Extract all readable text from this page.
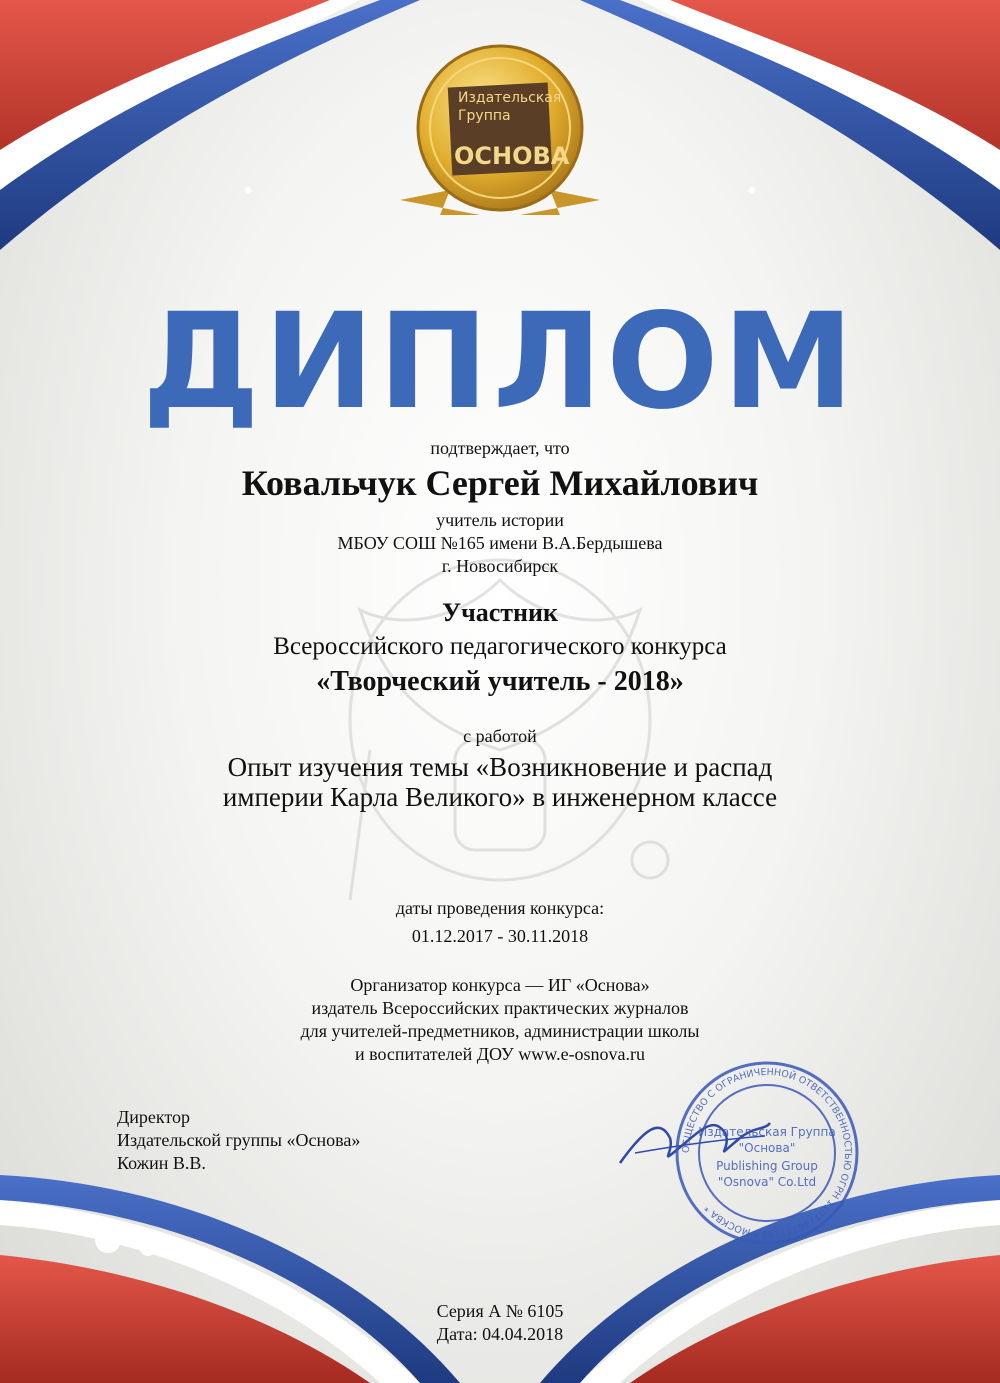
Издательская
Группа
ОСНОВА
ДИПЛОМ
подтверждает, что
Ковальчук Сергей Михайлович
учитель истории
МБОУ СОШ №165 имени В.А.Бердышева
г. Новосибирск
Участник
Всероссийского педагогического конкурса
«Творческий учитель - 2018»
с работой
Опыт изучения темы «Возникновение и распад
империи Карла Великого» в инженерном классе
даты проведения конкурса:
01.12.2017 - 30.11.2018
Организатор конкурса — ИГ «Основа»
издатель Всероссийских практических журналов
для учителей-предметников, администрации школы
и воспитателей ДОУ www.e-osnova.ru
Директор
Издательской группы «Основа»
Кожин В.В.
ОБЩЕСТВО С ОГРАНИЧЕННОЙ ОТВЕТСТВЕННОСТЬЮ ОГРН 1107746741190 * МОСКВА *
Издательская Группа
"Основа"
Publishing Group
"Osnova" Co.Ltd
Серия А № 6105
Дата: 04.04.2018
